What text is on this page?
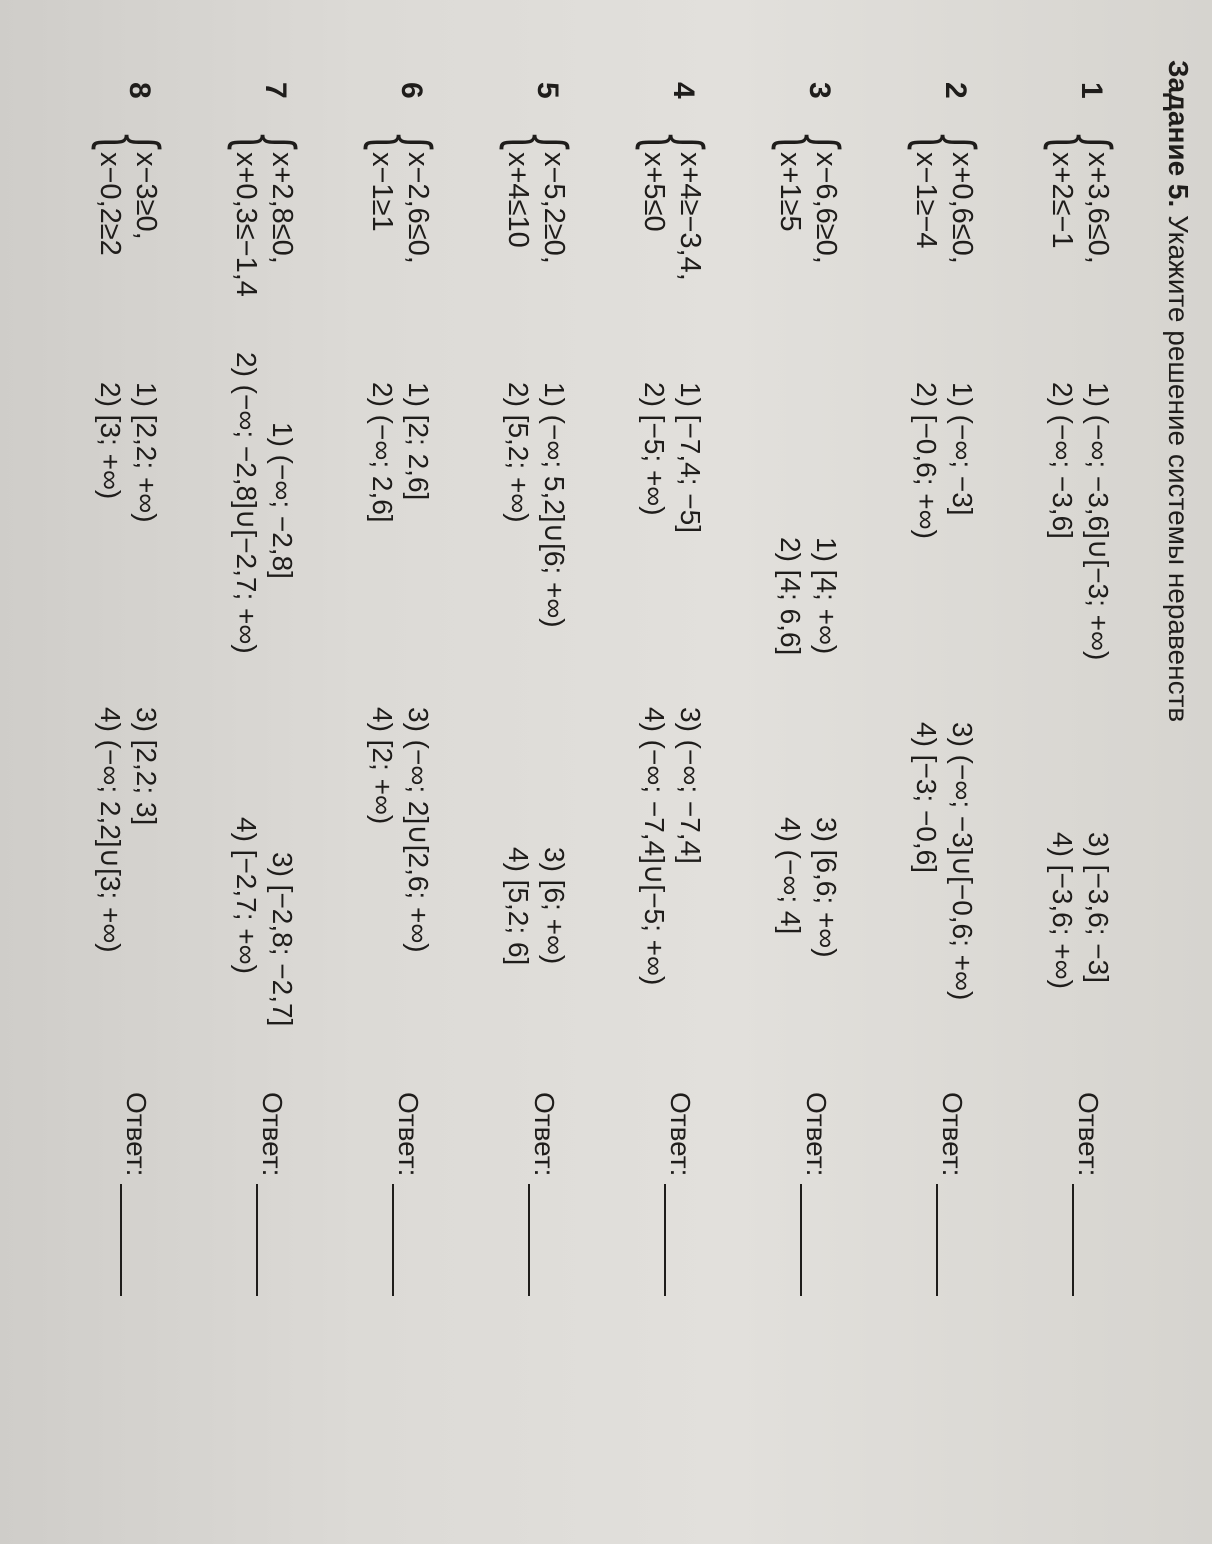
Задание 5. Укажите решение системы неравенств
1
{
x+3,6≤0,
x+2≤−1
1) (−∞; −3,6]∪[−3; +∞)
2) (−∞; −3,6]
3) [−3,6; −3]
4) [−3,6; +∞)
Ответ:
2
{
x+0,6≤0,
x−1≥−4
1) (−∞; −3]
2) [−0,6; +∞)
3) (−∞; −3]∪[−0,6; +∞)
4) [−3; −0,6]
Ответ:
3
{
x−6,6≥0,
x+1≥5
1) [4; +∞)
2) [4; 6,6]
3) [6,6; +∞)
4) (−∞; 4]
Ответ:
4
{
x+4≥−3,4,
x+5≤0
1) [−7,4; −5]
2) [−5; +∞)
3) (−∞; −7,4]
4) (−∞; −7,4]∪[−5; +∞)
Ответ:
5
{
x−5,2≥0,
x+4≤10
1) (−∞; 5,2]∪[6; +∞)
2) [5,2; +∞)
3) [6; +∞)
4) [5,2; 6]
Ответ:
6
{
x−2,6≤0,
x−1≥1
1) [2; 2,6]
2) (−∞; 2,6]
3) (−∞; 2]∪[2,6; +∞)
4) [2; +∞)
Ответ:
7
{
x+2,8≤0,
x+0,3≤−1,4
1) (−∞; −2,8]
2) (−∞; −2,8]∪[−2,7; +∞)
3) [−2,8; −2,7]
4) [−2,7; +∞)
Ответ:
8
{
x−3≥0,
x−0,2≥2
1) [2,2; +∞)
2) [3; +∞)
3) [2,2; 3]
4) (−∞; 2,2]∪[3; +∞)
Ответ:
